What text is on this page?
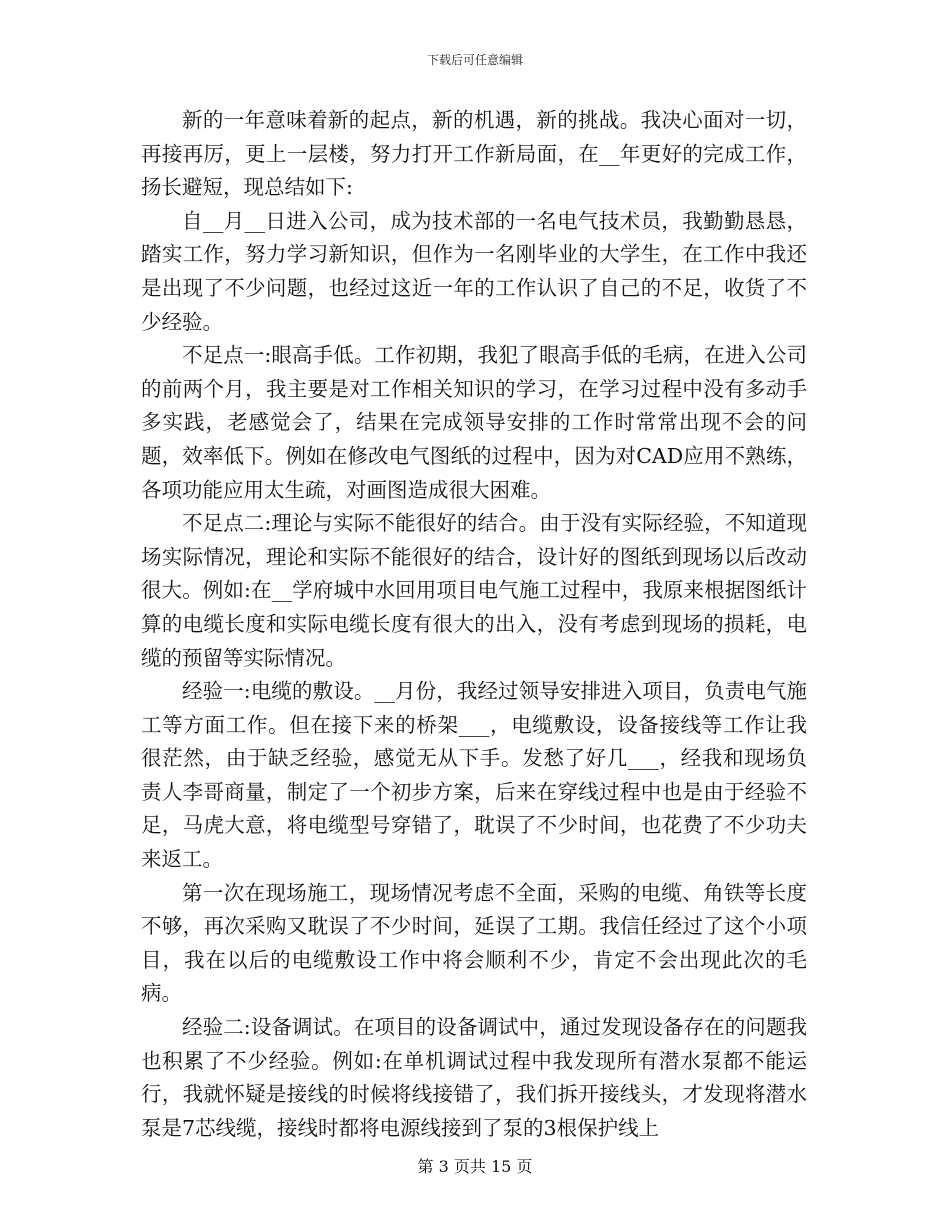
下载后可任意编辑

新的一年意味着新的起点，新的机遇，新的挑战。我决心面对一切，再接再厉，更上一层楼，努力打开工作新局面，在__年更好的完成工作，扬长避短，现总结如下:

自__月__日进入公司，成为技术部的一名电气技术员，我勤勤恳恳，踏实工作，努力学习新知识，但作为一名刚毕业的大学生，在工作中我还是出现了不少问题，也经过这近一年的工作认识了自己的不足，收货了不少经验。

不足点一:眼高手低。工作初期，我犯了眼高手低的毛病，在进入公司的前两个月，我主要是对工作相关知识的学习，在学习过程中没有多动手多实践，老感觉会了，结果在完成领导安排的工作时常常出现不会的问题，效率低下。例如在修改电气图纸的过程中，因为对CAD应用不熟练，各项功能应用太生疏，对画图造成很大困难。

不足点二:理论与实际不能很好的结合。由于没有实际经验，不知道现场实际情况，理论和实际不能很好的结合，设计好的图纸到现场以后改动很大。例如:在__学府城中水回用项目电气施工过程中，我原来根据图纸计算的电缆长度和实际电缆长度有很大的出入，没有考虑到现场的损耗，电缆的预留等实际情况。

经验一:电缆的敷设。__月份，我经过领导安排进入项目，负责电气施工等方面工作。但在接下来的桥架___，电缆敷设，设备接线等工作让我很茫然，由于缺乏经验，感觉无从下手。发愁了好几___，经我和现场负责人李哥商量，制定了一个初步方案，后来在穿线过程中也是由于经验不足，马虎大意，将电缆型号穿错了，耽误了不少时间，也花费了不少功夫来返工。

第一次在现场施工，现场情况考虑不全面，采购的电缆、角铁等长度不够，再次采购又耽误了不少时间，延误了工期。我信任经过了这个小项目，我在以后的电缆敷设工作中将会顺利不少，肯定不会出现此次的毛病。

经验二:设备调试。在项目的设备调试中，通过发现设备存在的问题我也积累了不少经验。例如:在单机调试过程中我发现所有潜水泵都不能运行，我就怀疑是接线的时候将线接错了，我们拆开接线头，才发现将潜水泵是7芯线缆，接线时都将电源线接到了泵的3根保护线上

第 3 页共 15 页
